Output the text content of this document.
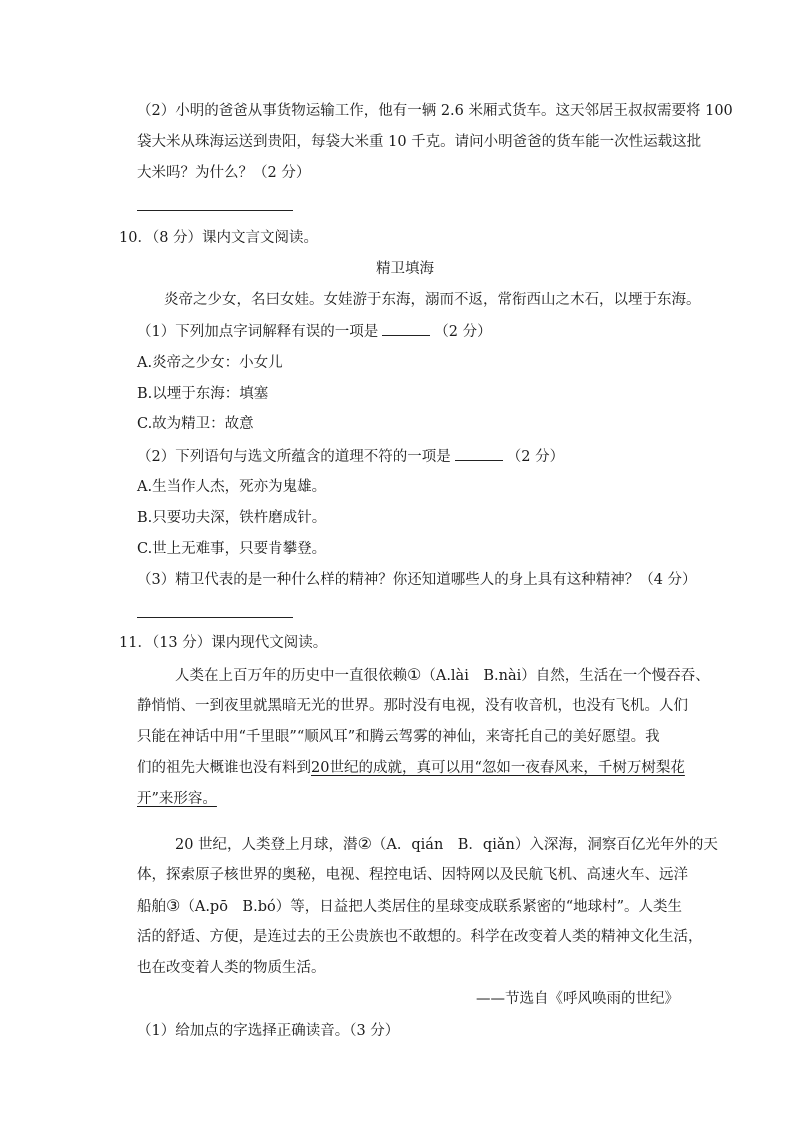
（2）小明的爸爸从事货物运输工作，他有一辆 2.6 米厢式货车。这天邻居王叔叔需要将 100
袋大米从珠海运送到贵阳，每袋大米重 10 千克。请问小明爸爸的货车能一次性运载这批
大米吗？为什么？（2 分）
10．（8 分）课内文言文阅读。
精卫填海
炎帝之少女，名曰女娃。女娃游于东海，溺而不返，常衔西山之木石，以堙于东海。
（1）下列加点字词解释有误的一项是	（2 分）
A.炎帝之少女：小女儿
B.以堙于东海：填塞
C.故为精卫：故意
（2）下列语句与选文所蕴含的道理不符的一项是	（2 分）
A.生当作人杰，死亦为鬼雄。
B.只要功夫深，铁杵磨成针。
C.世上无难事，只要肯攀登。
（3）精卫代表的是一种什么样的精神？你还知道哪些人的身上具有这种精神？（4 分）
11．（13 分）课内现代文阅读。
人类在上百万年的历史中一直很依赖①（A.lài　B.nài）自然，生活在一个慢吞吞、
静悄悄、一到夜里就黑暗无光的世界。那时没有电视，没有收音机，也没有飞机。人们
只能在神话中用“千里眼”“顺风耳”和腾云驾雾的神仙，来寄托自己的美好愿望。我
们的祖先大概谁也没有料到20世纪的成就，真可以用“忽如一夜春风来，千树万树梨花
开”来形容。
20 世纪，人类登上月球，潜②（A．qián　B．qiǎn）入深海，洞察百亿光年外的天
体，探索原子核世界的奥秘，电视、程控电话、因特网以及民航飞机、高速火车、远洋
船舶③（A.pō　B.bó）等，日益把人类居住的星球变成联系紧密的“地球村”。人类生
活的舒适、方便，是连过去的王公贵族也不敢想的。科学在改变着人类的精神文化生活，
也在改变着人类的物质生活。
——节选自《呼风唤雨的世纪》
（1）给加点的字选择正确读音。（3 分）
